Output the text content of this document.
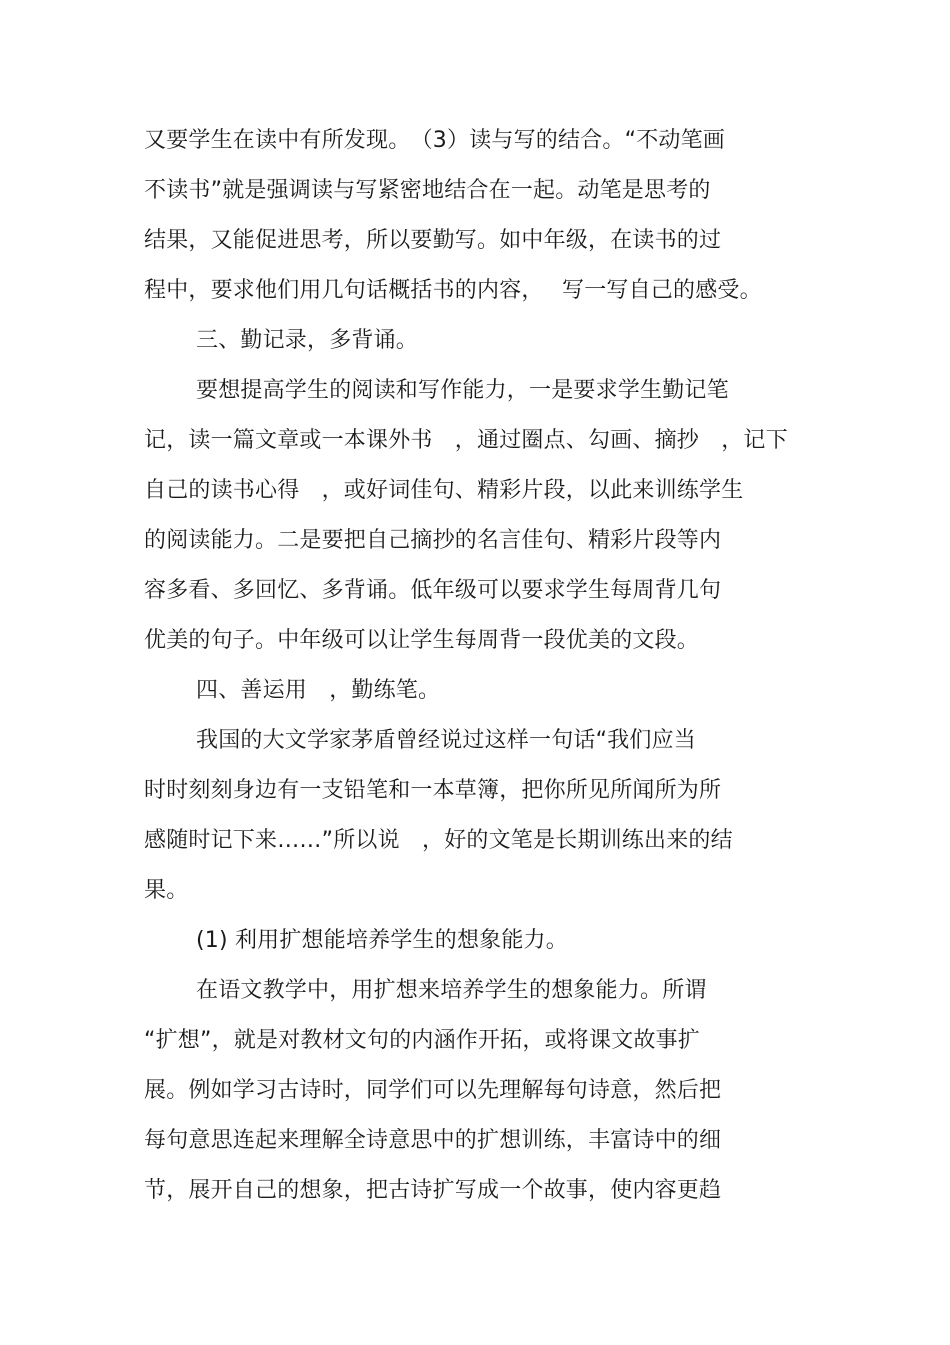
又要学生在读中有所发现。　（3）读与写的结合。“不动笔画
不读书”就是强调读与写紧密地结合在一起。动笔是思考的
结果，又能促进思考，所以要勤写。如中年级，在读书的过
程中，要求他们用几句话概括书的内容，　 写一写自己的感受。
三、勤记录，多背诵。
要想提高学生的阅读和写作能力，一是要求学生勤记笔
记，读一篇文章或一本课外书　，通过圈点、勾画、摘抄　，记下
自己的读书心得　，或好词佳句、精彩片段，以此来训练学生
的阅读能力。二是要把自己摘抄的名言佳句、精彩片段等内
容多看、多回忆、多背诵。低年级可以要求学生每周背几句
优美的句子。中年级可以让学生每周背一段优美的文段。
四、善运用　，勤练笔。
我国的大文学家茅盾曾经说过这样一句话“我们应当
时时刻刻身边有一支铅笔和一本草簿，把你所见所闻所为所
感随时记下来……”所以说　，好的文笔是长期训练出来的结
果。
(1) 利用扩想能培养学生的想象能力。
在语文教学中，用扩想来培养学生的想象能力。所谓
“扩想”，就是对教材文句的内涵作开拓，或将课文故事扩
展。例如学习古诗时，同学们可以先理解每句诗意，然后把
每句意思连起来理解全诗意思中的扩想训练，丰富诗中的细
节，展开自己的想象，把古诗扩写成一个故事，使内容更趋
